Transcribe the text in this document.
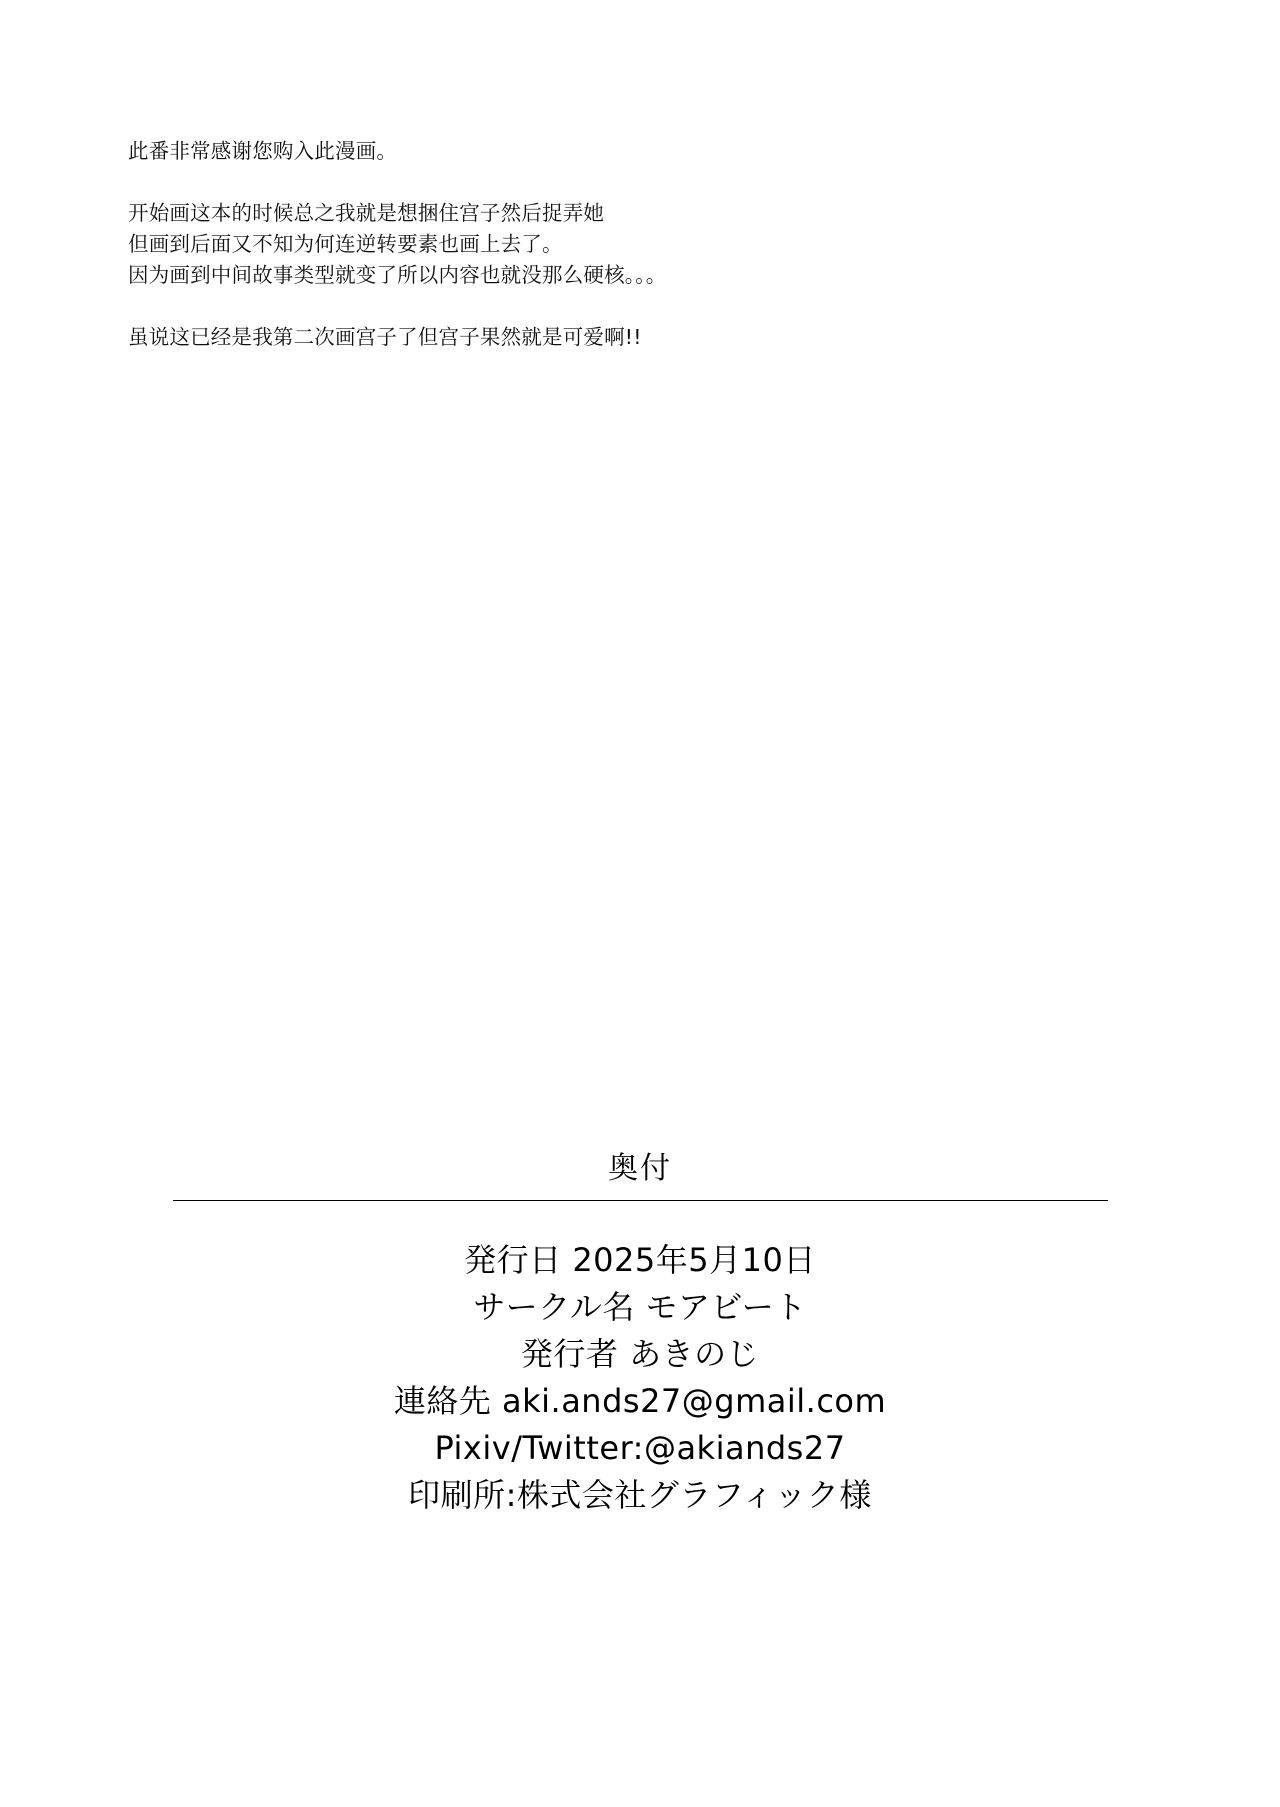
此番非常感谢您购入此漫画。

开始画这本的时候总之我就是想捆住宫子然后捉弄她

但画到后面又不知为何连逆转要素也画上去了。

因为画到中间故事类型就变了所以内容也就没那么硬核。。。

虽说这已经是我第二次画宫子了但宫子果然就是可爱啊!!

奥付
発行日 2025年5月10日
サークル名 モアビート
発行者 あきのじ
連絡先 aki.ands27@gmail.com
Pixiv/Twitter:@akiands27
印刷所:株式会社グラフィック様
